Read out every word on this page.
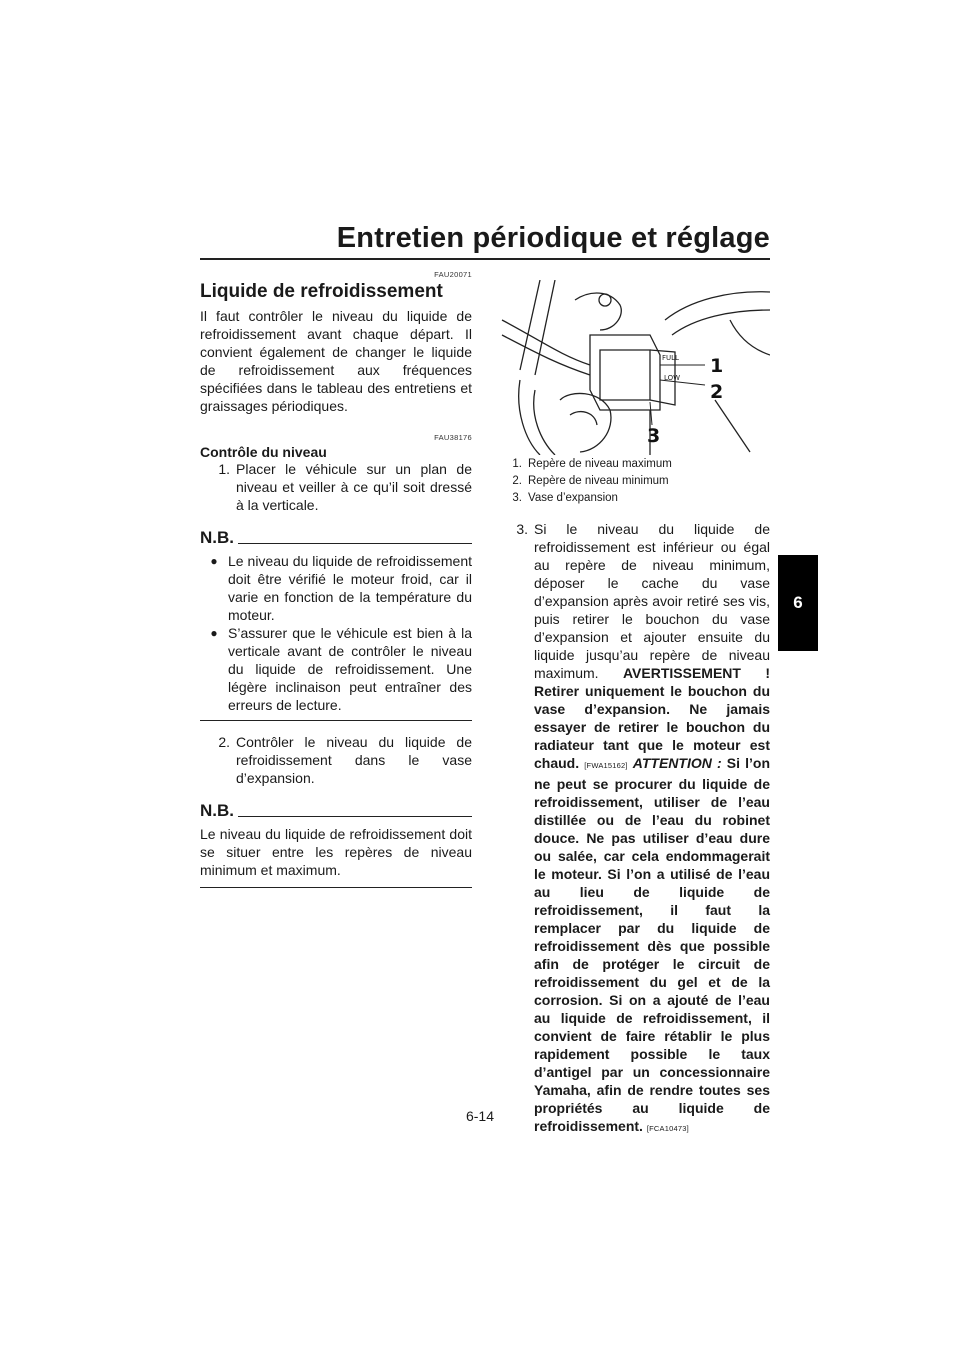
Entretien périodique et réglage
6
FAU20071
Liquide de refroidissement

Il faut contrôler le niveau du liquide de refroidissement avant chaque départ. Il convient également de changer le liquide de refroidissement aux fréquences spécifiées dans le tableau des entretiens et graissages périodiques.

FAU38176
Contrôle du niveau
1. Placer le véhicule sur un plan de niveau et veiller à ce qu’il soit dressé à la verticale.
N.B.
● Le niveau du liquide de refroidissement doit être vérifié le moteur froid, car il varie en fonction de la température du moteur.
● S’assurer que le véhicule est bien à la verticale avant de contrôler le niveau du liquide de refroidissement. Une légère inclinaison peut entraîner des erreurs de lecture.
2. Contrôler le niveau du liquide de refroidissement dans le vase d’expansion.
N.B.

Le niveau du liquide de refroidissement doit se situer entre les repères de niveau minimum et maximum.

FULL
LOW
1
2
3
1. Repère de niveau maximum
2. Repère de niveau minimum
3. Vase d’expansion
3. Si le niveau du liquide de refroidissement est inférieur ou égal au repère de niveau minimum, déposer le cache du vase d’expansion après avoir retiré ses vis, puis retirer le bouchon du vase d’expansion et ajouter ensuite du liquide jusqu’au repère de niveau maximum. AVERTISSEMENT ! Retirer uniquement le bouchon du vase d’expansion. Ne jamais essayer de retirer le bouchon du radiateur tant que le moteur est chaud. [FWA15162] ATTENTION : Si l’on ne peut se procurer du liquide de refroidissement, utiliser de l’eau distillée ou de l’eau du robinet douce. Ne pas utiliser d’eau dure ou salée, car cela endommagerait le moteur. Si l’on a utilisé de l’eau au lieu de liquide de refroidissement, il faut la remplacer par du liquide de refroidissement dès que possible afin de protéger le circuit de refroidissement du gel et de la corrosion. Si on a ajouté de l’eau au liquide de refroidissement, il convient de faire rétablir le plus rapidement possible le taux d’antigel par un concessionnaire Yamaha, afin de rendre toutes ses propriétés au liquide de refroidissement. [FCA10473]
6-14
